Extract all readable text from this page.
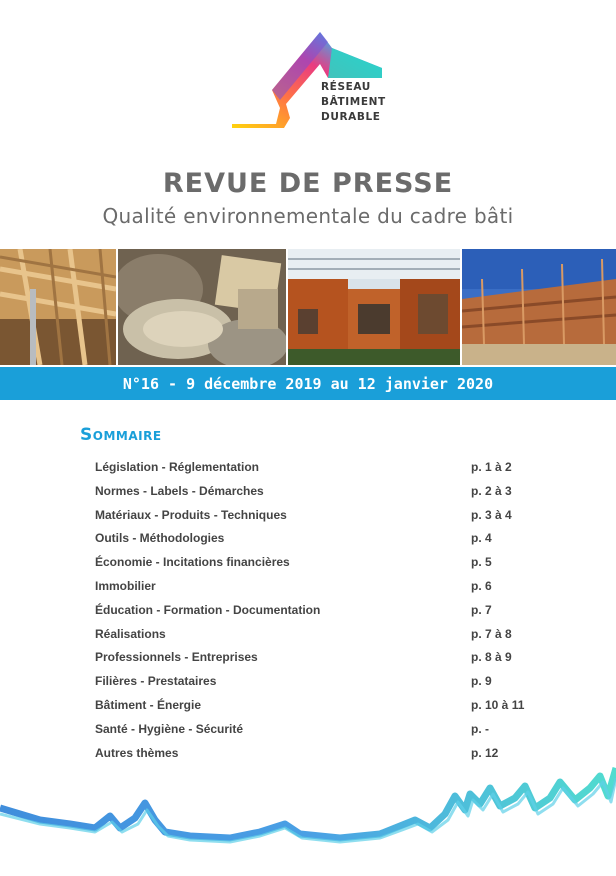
RÉSEAU
BÂTIMENT
DURABLE
REVUE DE PRESSE
Qualité environnementale du cadre bâti
N°16 - 9 décembre 2019 au 12 janvier 2020
Sommaire
Législation - Réglementation	p. 1 à 2
Normes - Labels - Démarches	p. 2 à 3
Matériaux - Produits - Techniques	p. 3 à 4
Outils - Méthodologies	p. 4
Économie - Incitations financières	p. 5
Immobilier	p. 6
Éducation - Formation - Documentation	p. 7
Réalisations	p. 7 à 8
Professionnels - Entreprises	p. 8 à 9
Filières - Prestataires	p. 9
Bâtiment - Énergie	p. 10 à 11
Santé - Hygiène - Sécurité	p. -
Autres thèmes	p. 12
